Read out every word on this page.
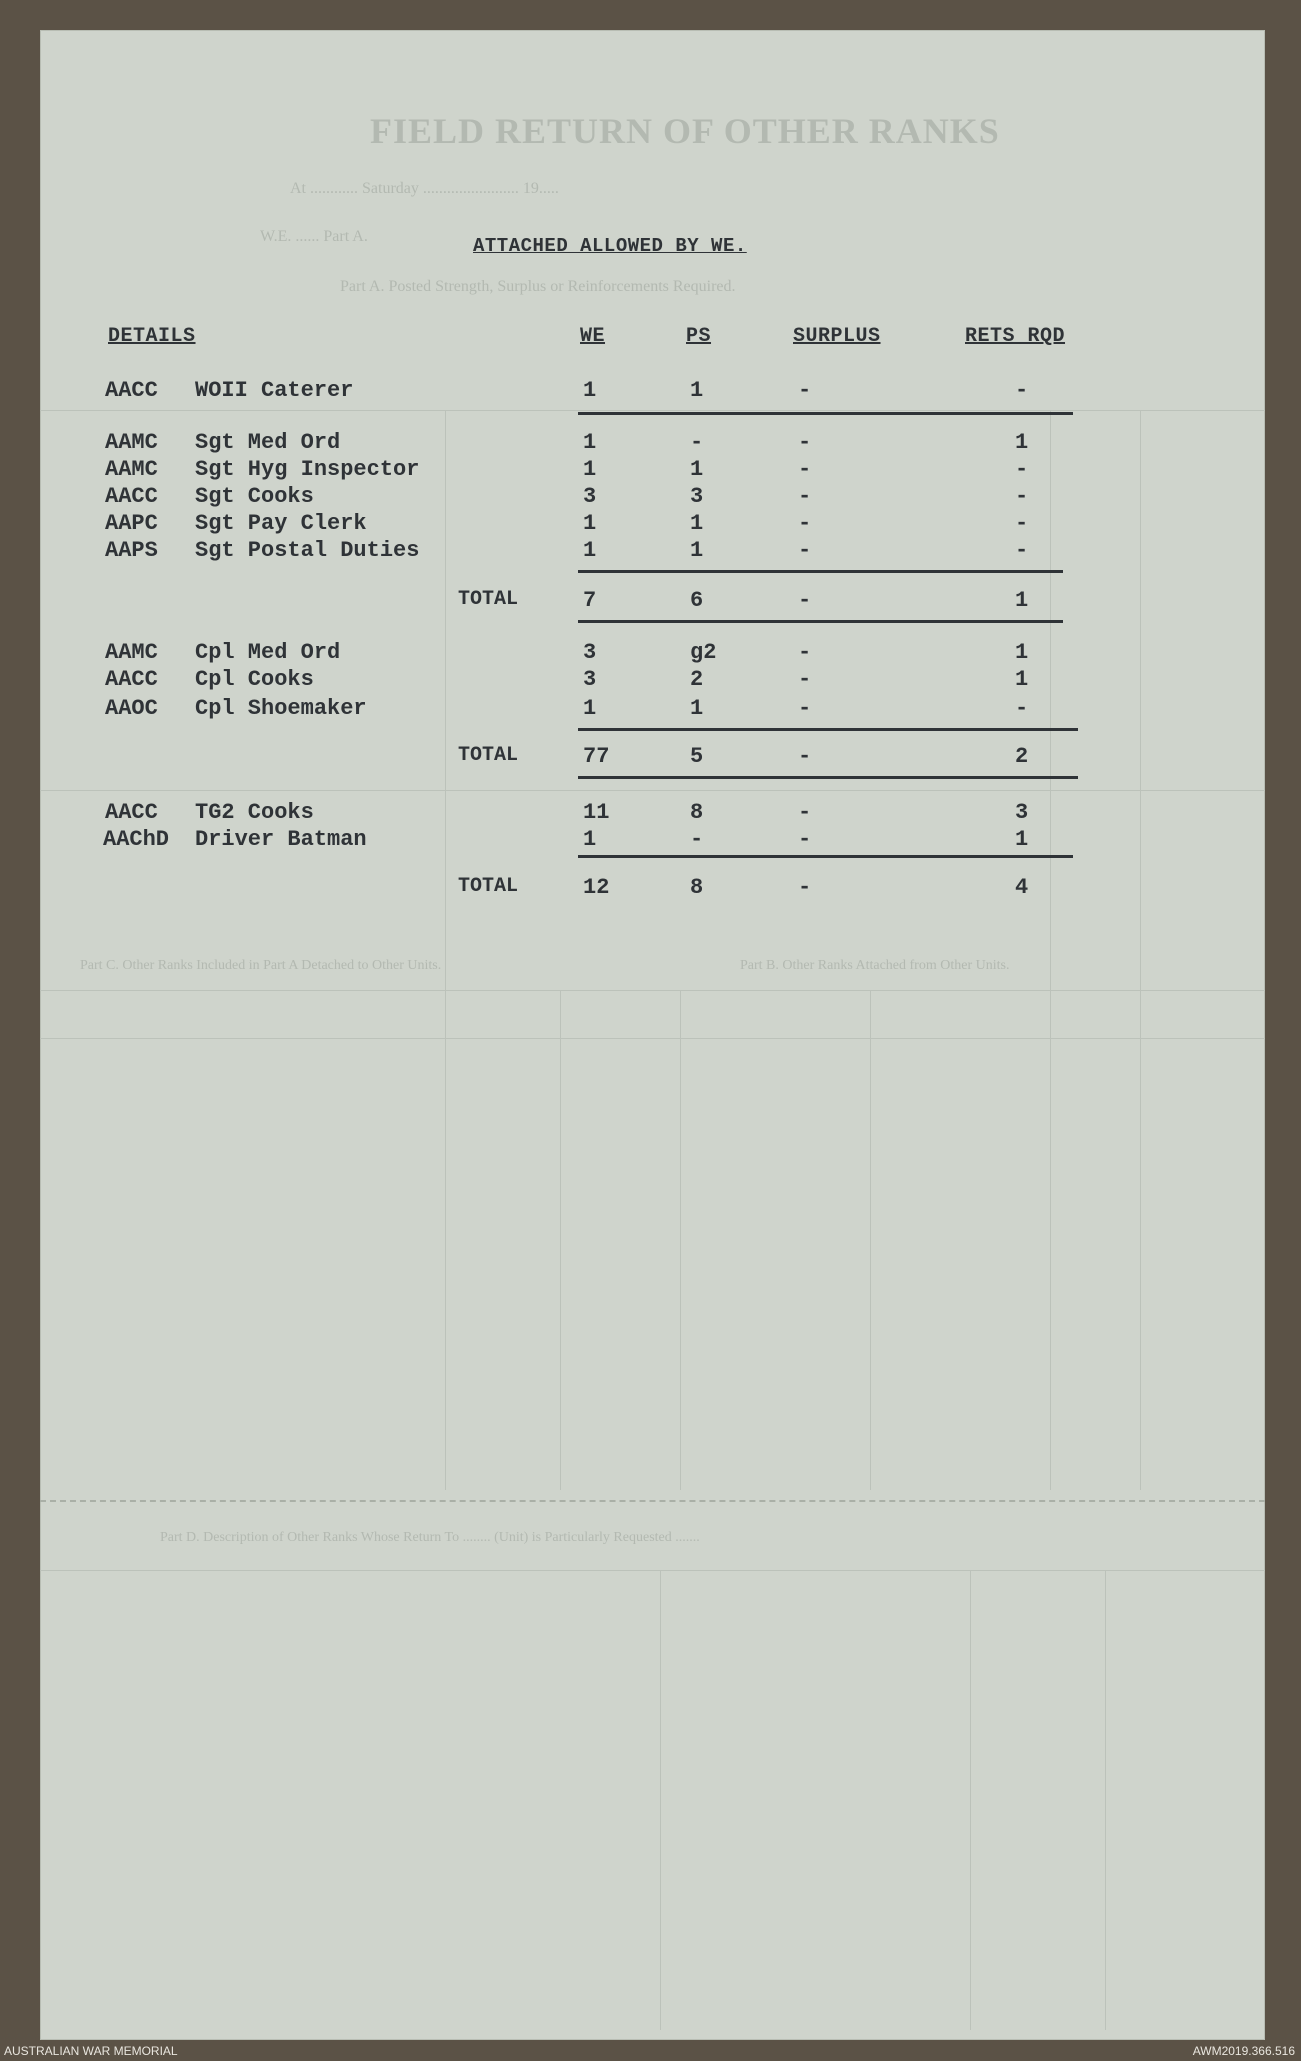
FIELD RETURN OF OTHER RANKS
At ............ Saturday ........................ 19.....
W.E. ...... Part A.
Part A. Posted Strength, Surplus or Reinforcements Required.
Part B. Other Ranks Attached from Other Units.
Part C. Other Ranks Included in Part A Detached to Other Units.
Part D. Description of Other Ranks Whose Return To ........ (Unit) is Particularly Requested .......
ATTACHED ALLOWED BY WE.
DETAILS	WE	PS	SURPLUS	RETS RQD
AACC WOII Caterer	1	1	-	-
AAMC Sgt Med Ord	1	-	-	1
AAMC Sgt Hyg Inspector	1	1	-	-
AACC Sgt Cooks	3	3	-	-
AAPC Sgt Pay Clerk	1	1	-	-
AAPS Sgt Postal Duties	1	1	-	-
TOTAL	7	6	-	1
AAMC Cpl Med Ord	3	g2	-	1
AACC Cpl Cooks	3	2	-	1
AAOC Cpl Shoemaker	1	1	-	-
TOTAL	77	5	-	2
AACC TG2 Cooks	11	8	-	3
AAChD Driver Batman	1	-	-	1
TOTAL	12	8	-	4
AUSTRALIAN WAR MEMORIAL	AWM2019.366.516
